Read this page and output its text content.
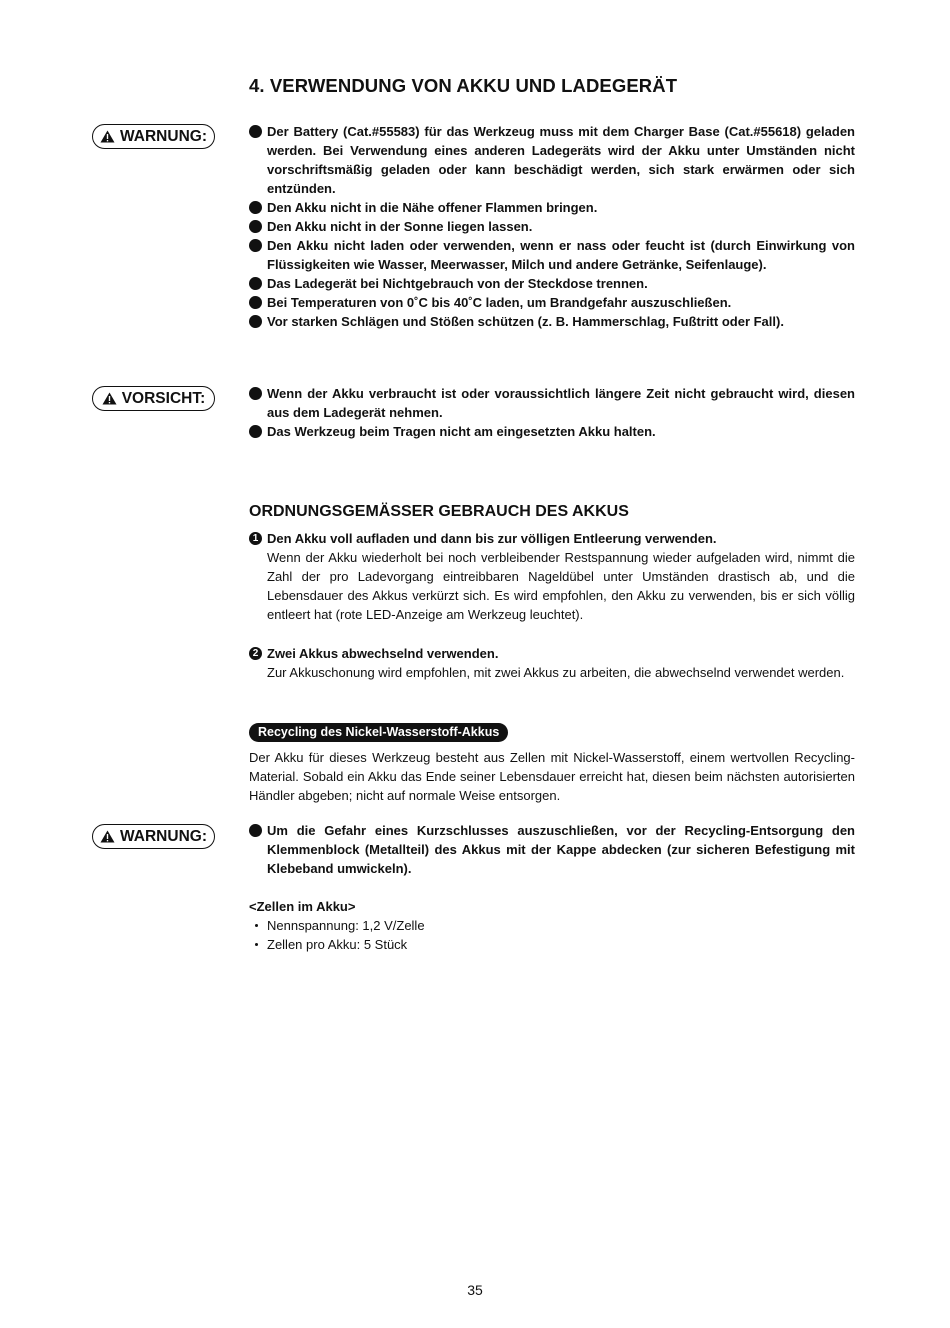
4. VERWENDUNG VON AKKU UND LADEGERÄT
WARNUNG:	Der Battery (Cat.#55583) für das Werkzeug muss mit dem Charger Base (Cat.#55618) geladen werden. Bei Verwendung eines anderen Ladegeräts wird der Akku unter Umständen nicht vorschriftsmäßig geladen oder kann beschädigt werden, sich stark erwärmen oder sich entzünden.
Den Akku nicht in die Nähe offener Flammen bringen.
Den Akku nicht in der Sonne liegen lassen.
Den Akku nicht laden oder verwenden, wenn er nass oder feucht ist (durch Einwirkung von Flüssigkeiten wie Wasser, Meerwasser, Milch und andere Getränke, Seifenlauge).
Das Ladegerät bei Nichtgebrauch von der Steckdose trennen.
Bei Temperaturen von 0˚C bis 40˚C laden, um Brandgefahr auszuschließen.
Vor starken Schlägen und Stößen schützen (z. B. Hammerschlag, Fußtritt oder Fall).
VORSICHT:	Wenn der Akku verbraucht ist oder voraussichtlich längere Zeit nicht gebraucht wird, diesen aus dem Ladegerät nehmen.
Das Werkzeug beim Tragen nicht am eingesetzten Akku halten.
ORDNUNGSGEMÄSSER GEBRAUCH DES AKKUS
1 Den Akku voll aufladen und dann bis zur völligen Entleerung verwenden.
Wenn der Akku wiederholt bei noch verbleibender Restspannung wieder aufgeladen wird, nimmt die Zahl der pro Ladevorgang eintreibbaren Nageldübel unter Umständen drastisch ab, und die Lebensdauer des Akkus verkürzt sich. Es wird empfohlen, den Akku zu verwenden, bis er sich völlig entleert hat (rote LED-Anzeige am Werkzeug leuchtet).
2 Zwei Akkus abwechselnd verwenden.
Zur Akkuschonung wird empfohlen, mit zwei Akkus zu arbeiten, die abwechselnd verwendet werden.
Recycling des Nickel-Wasserstoff-Akkus
Der Akku für dieses Werkzeug besteht aus Zellen mit Nickel-Wasserstoff, einem wertvollen Recycling-Material. Sobald ein Akku das Ende seiner Lebensdauer erreicht hat, diesen beim nächsten autorisierten Händler abgeben; nicht auf normale Weise entsorgen.
WARNUNG:	Um die Gefahr eines Kurzschlusses auszuschließen, vor der Recycling-Entsorgung den Klemmenblock (Metallteil) des Akkus mit der Kappe abdecken (zur sicheren Befestigung mit Klebeband umwickeln).
<Zellen im Akku>
Nennspannung: 1,2 V/Zelle
Zellen pro Akku: 5 Stück
35
